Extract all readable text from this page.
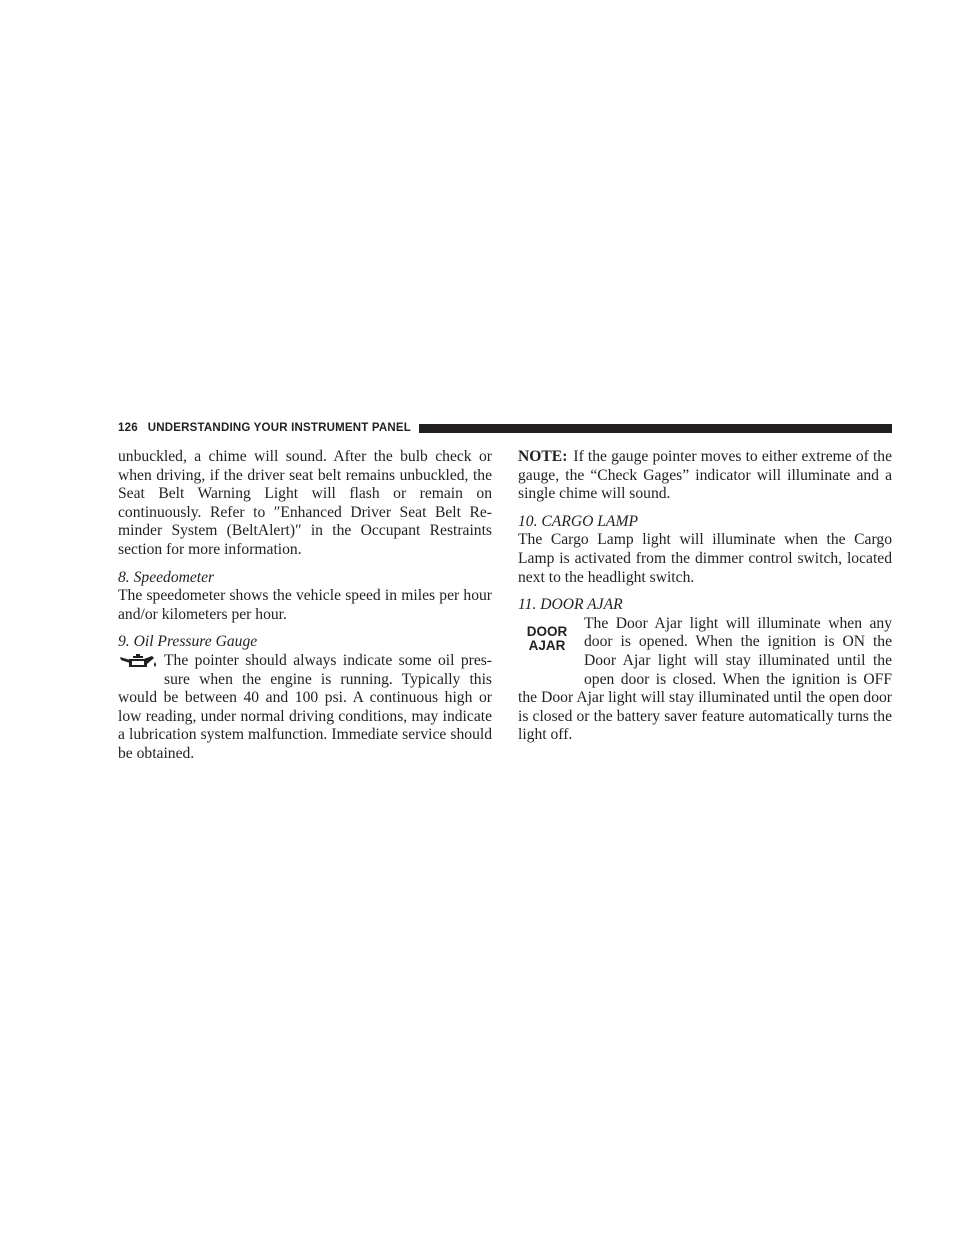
126 UNDERSTANDING YOUR INSTRUMENT PANEL

unbuckled, a chime will sound. After the bulb check or when driving, if the driver seat belt remains unbuckled, the Seat Belt Warning Light will flash or remain on continuously. Refer to ″Enhanced Driver Seat Belt Re-minder System (BeltAlert)″ in the Occupant Restraints section for more information.

8. Speedometer

The speedometer shows the vehicle speed in miles per hour and/or kilometers per hour.

9. Oil Pressure Gauge

The pointer should always indicate some oil pres-sure when the engine is running. Typically this would be between 40 and 100 psi. A continuous high or low reading, under normal driving conditions, may indicate a lubrication system malfunction. Immediate service should be obtained.

NOTE: If the gauge pointer moves to either extreme of the gauge, the “Check Gages” indicator will illuminate and a single chime will sound.

10. CARGO LAMP

The Cargo Lamp light will illuminate when the Cargo Lamp is activated from the dimmer control switch, located next to the headlight switch.

11. DOOR AJAR

DOOR
AJAR

The Door Ajar light will illuminate when any door is opened. When the ignition is ON the Door Ajar light will stay illuminated until the open door is closed. When the ignition is OFF the Door Ajar light will stay illuminated until the open door is closed or the battery saver feature automatically turns the light off.
